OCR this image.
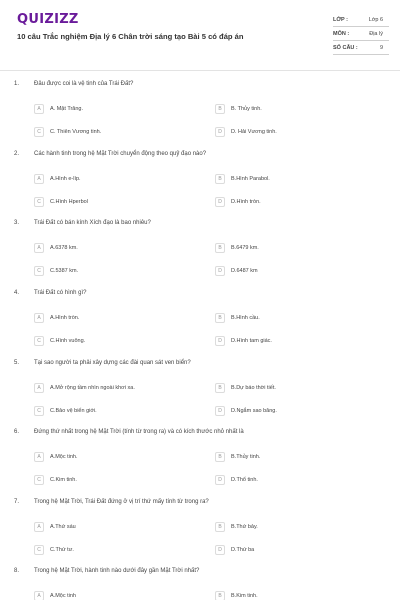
QUIZIZZ
10 câu Trắc nghiệm Địa lý 6 Chân trời sáng tạo Bài 5 có đáp án
LỚP :	Lớp 6
MÔN :	Địa lý
SỐ CÂU :	9
1. Đâu được coi là vệ tinh của Trái Đất?
A	A. Mặt Trăng.	B	B. Thủy tinh.
C	C. Thiên Vương tinh.	D	D. Hải Vương tinh.
2. Các hành tinh trong hệ Mặt Trời chuyển động theo quỹ đạo nào?
A	A.Hình e-líp.	B	B.Hình Parabol.
C	C.Hình Hperbol	D	D.Hình tròn.
3. Trái Đất có bán kính Xích đạo là bao nhiêu?
A	A.6378 km.	B	B.6479 km.
C	C.5387 km.	D	D.6487 km
4. Trái Đất có hình gì?
A	A.Hình tròn.	B	B.Hình cầu.
C	C.Hình vuông.	D	D.Hình tam giác.
5. Tại sao người ta phải xây dựng các đài quan sát ven biển?
A	A.Mở rộng tầm nhìn ngoài khơi xa.	B	B.Dự báo thời tiết.
C	C.Bảo vệ biển giới.	D	D.Ngắm sao băng.
6. Đứng thứ nhất trong hệ Mặt Trời (tính từ trong ra) và có kích thước nhỏ nhất là
A	A.Mộc tinh.	B	B.Thủy tinh.
C	C.Kim tinh.	D	D.Thổ tinh.
7. Trong hệ Mặt Trời, Trái Đất đứng ở vị trí thứ mấy tính từ trong ra?
A	A.Thứ sáu	B	B.Thứ bảy.
C	C.Thứ tư.	D	D.Thứ ba
8. Trong hệ Mặt Trời, hành tinh nào dưới đây gần Mặt Trời nhất?
A	A.Mộc tinh	B	B.Kim tinh.
